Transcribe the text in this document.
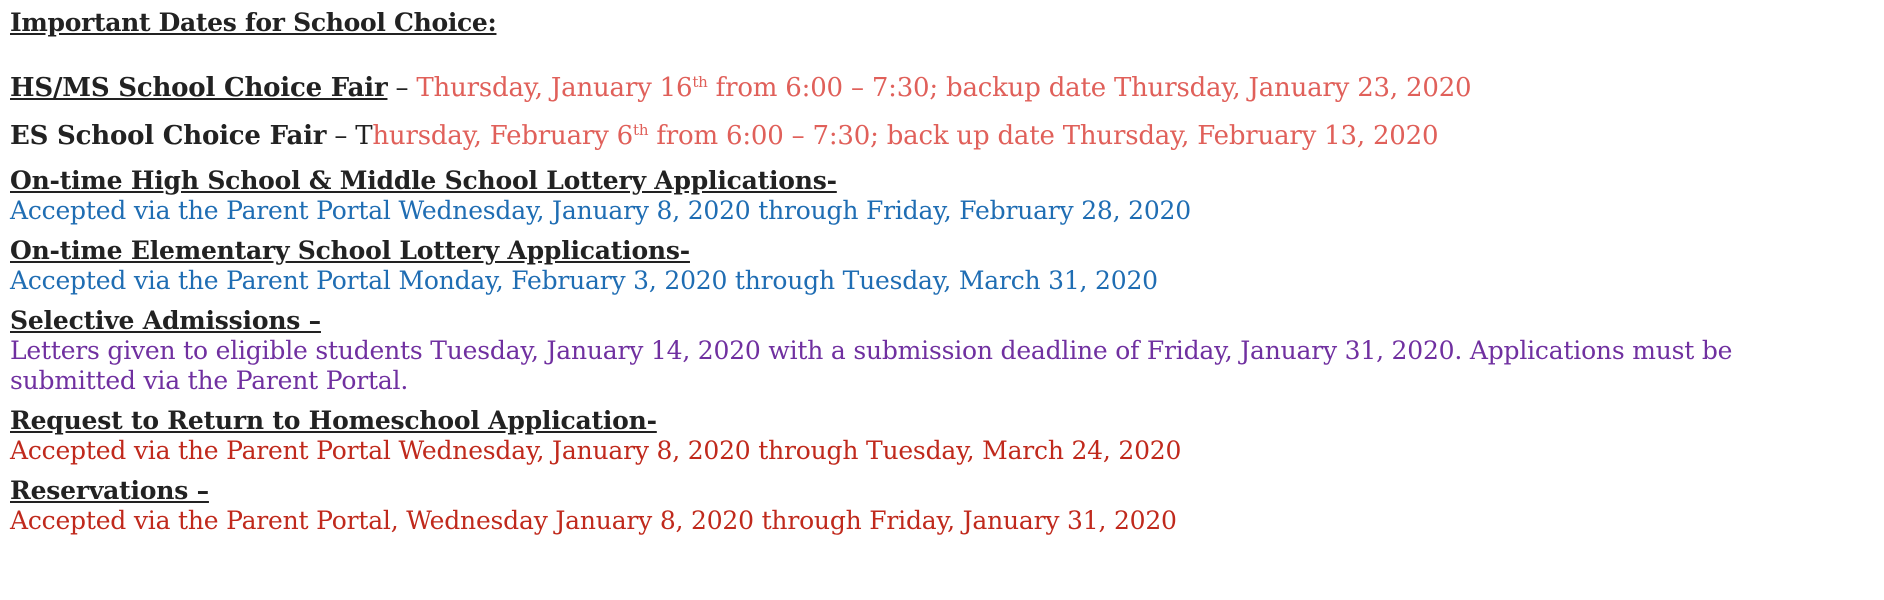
Important Dates for School Choice:
HS/MS School Choice Fair – Thursday, January 16th from 6:00 – 7:30; backup date Thursday, January 23, 2020
ES School Choice Fair – Thursday, February 6th from 6:00 – 7:30; back up date Thursday, February 13, 2020
On-time High School & Middle School Lottery Applications-
Accepted via the Parent Portal Wednesday, January 8, 2020 through Friday, February 28, 2020
On-time Elementary School Lottery Applications-
Accepted via the Parent Portal Monday, February 3, 2020 through Tuesday, March 31, 2020
Selective Admissions –
Letters given to eligible students Tuesday, January 14, 2020 with a submission deadline of Friday, January 31, 2020. Applications must be submitted via the Parent Portal.
Request to Return to Homeschool Application-
Accepted via the Parent Portal Wednesday, January 8, 2020 through Tuesday, March 24, 2020
Reservations –
Accepted via the Parent Portal, Wednesday January 8, 2020 through Friday, January 31, 2020
